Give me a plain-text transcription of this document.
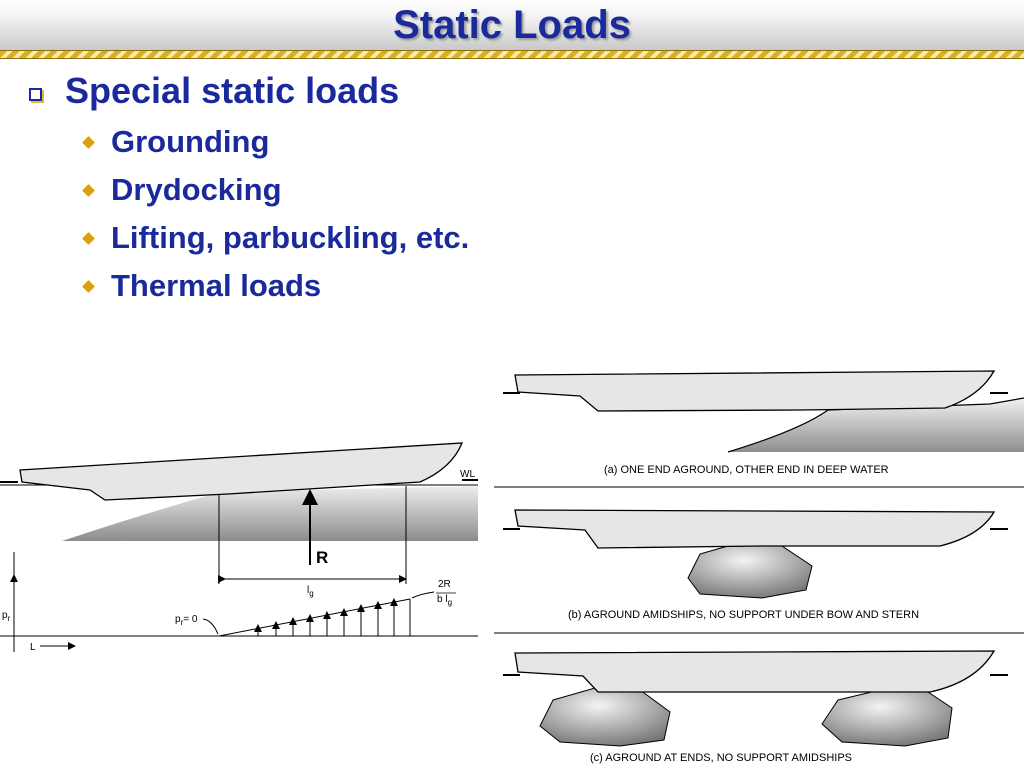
Static Loads
Special static loads
Grounding
Drydocking
Lifting, parbuckling, etc.
Thermal loads
WL
R
$l_g$
$p_r$
L
$p_r= 0$
2R
b $l_g$
(a) ONE END AGROUND, OTHER END IN DEEP WATER
(b) AGROUND AMIDSHIPS, NO SUPPORT UNDER BOW AND STERN
(c) AGROUND AT ENDS, NO SUPPORT AMIDSHIPS
